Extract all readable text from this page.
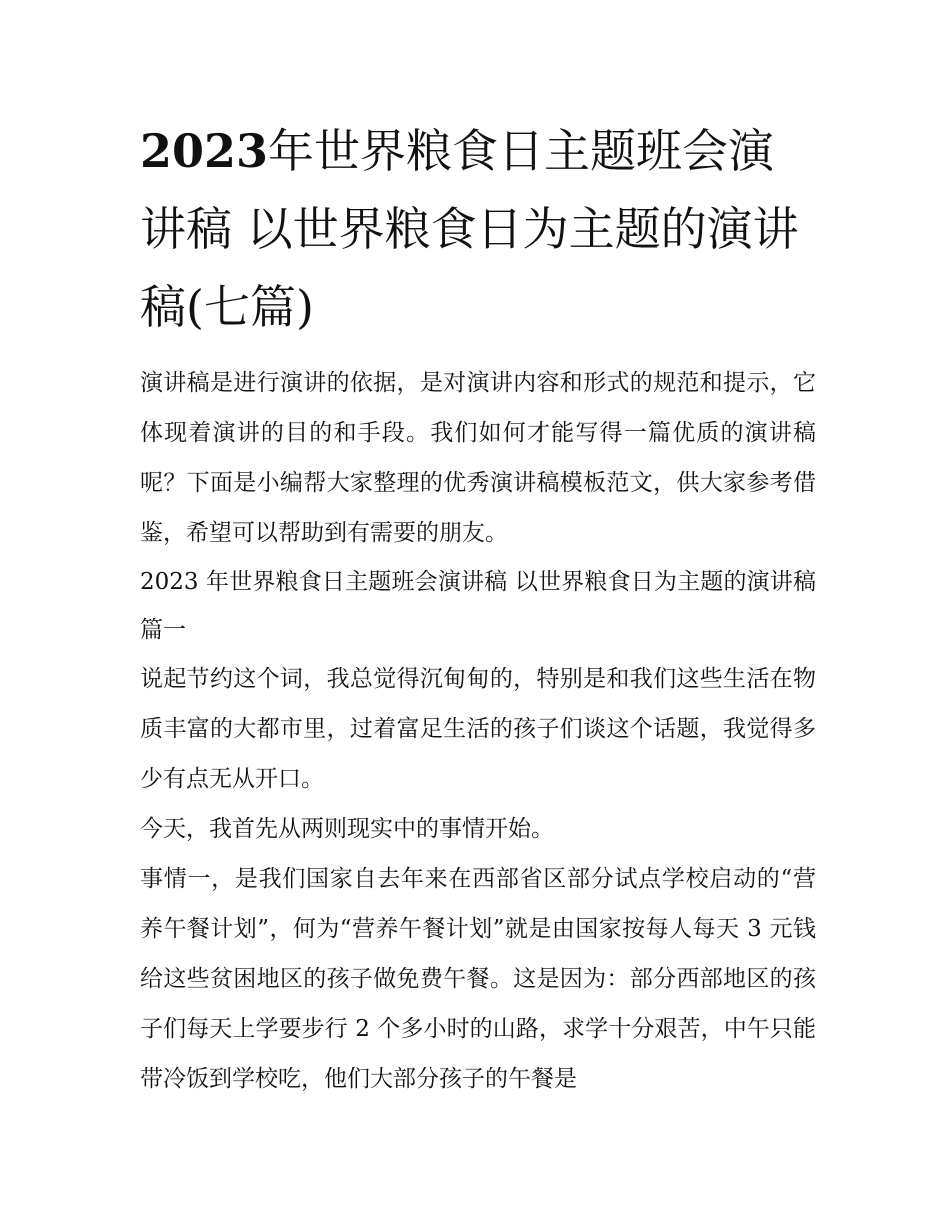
2023年世界粮食日主题班会演讲稿 以世界粮食日为主题的演讲稿(七篇)

演讲稿是进行演讲的依据，是对演讲内容和形式的规范和提示，它体现着演讲的目的和手段。我们如何才能写得一篇优质的演讲稿呢？下面是小编帮大家整理的优秀演讲稿模板范文，供大家参考借鉴，希望可以帮助到有需要的朋友。

2023 年世界粮食日主题班会演讲稿 以世界粮食日为主题的演讲稿篇一

说起节约这个词，我总觉得沉甸甸的，特别是和我们这些生活在物质丰富的大都市里，过着富足生活的孩子们谈这个话题，我觉得多少有点无从开口。

今天，我首先从两则现实中的事情开始。

事情一，是我们国家自去年来在西部省区部分试点学校启动的“营养午餐计划”，何为“营养午餐计划”就是由国家按每人每天 3 元钱给这些贫困地区的孩子做免费午餐。这是因为：部分西部地区的孩子们每天上学要步行 2 个多小时的山路，求学十分艰苦，中午只能带冷饭到学校吃，他们大部分孩子的午餐是
